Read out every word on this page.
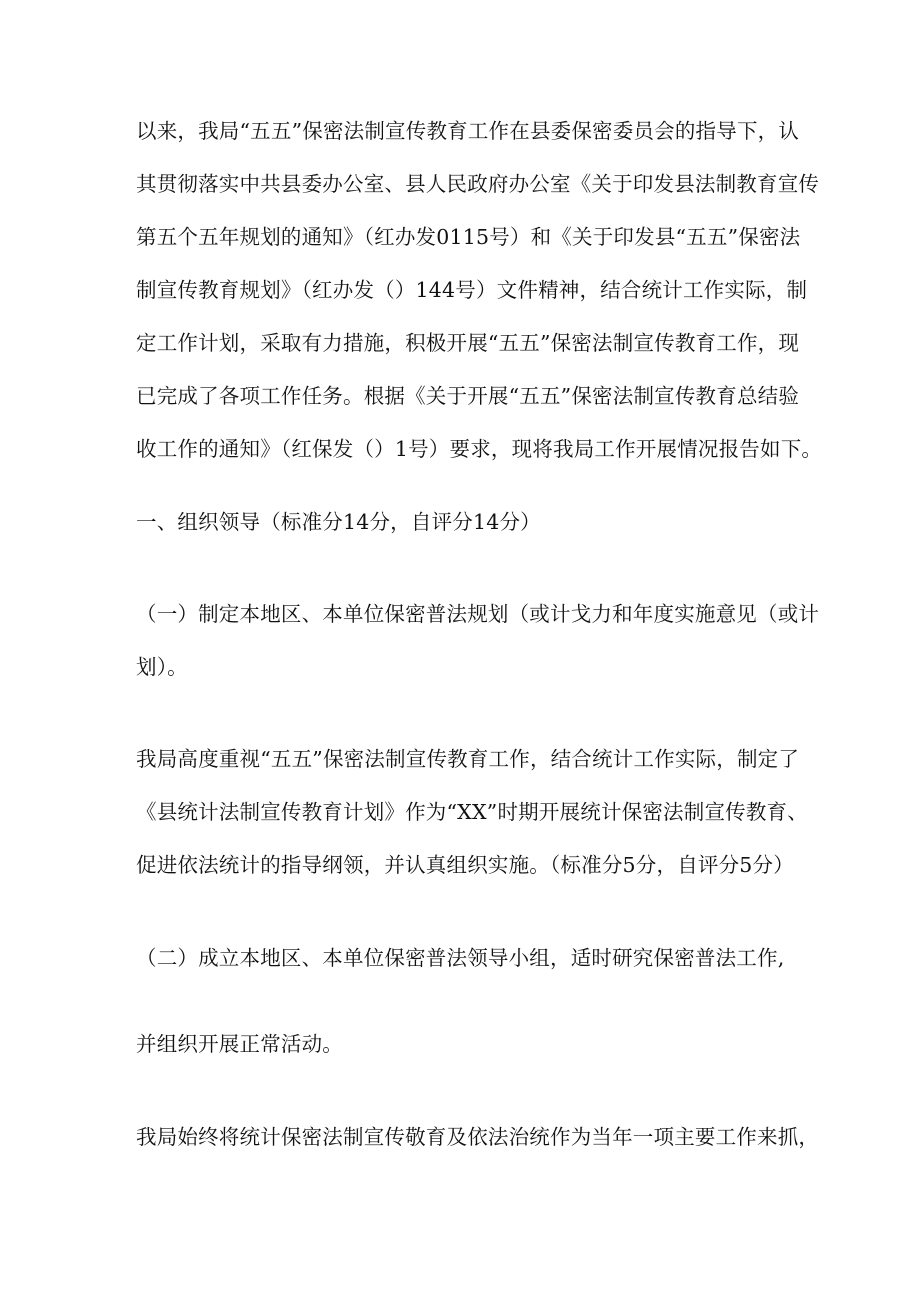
以来，我局“五五”保密法制宣传教育工作在县委保密委员会的指导下，认
其贯彻落实中共县委办公室、县人民政府办公室《关于印发县法制教育宣传
第五个五年规划的通知》（红办发0115号）和《关于印发县“五五”保密法
制宣传教育规划》（红办发（）144号）文件精神，结合统计工作实际，制
定工作计划，采取有力措施，积极开展“五五”保密法制宣传教育工作，现
已完成了各项工作任务。根据《关于开展“五五”保密法制宣传教育总结验
收工作的通知》（红保发（）1号）要求，现将我局工作开展情况报告如下。
一、组织领导（标准分14分，自评分14分）
（一）制定本地区、本单位保密普法规划（或计戈力和年度实施意见（或计
划）。
我局高度重视“五五”保密法制宣传教育工作，结合统计工作实际，制定了
《县统计法制宣传教育计划》作为“XX”时期开展统计保密法制宣传教育、
促进依法统计的指导纲领，并认真组织实施。（标准分5分，自评分5分）
（二）成立本地区、本单位保密普法领导小组，适时研究保密普法工作,
并组织开展正常活动。
我局始终将统计保密法制宣传敬育及依法治统作为当年一项主要工作来抓，
